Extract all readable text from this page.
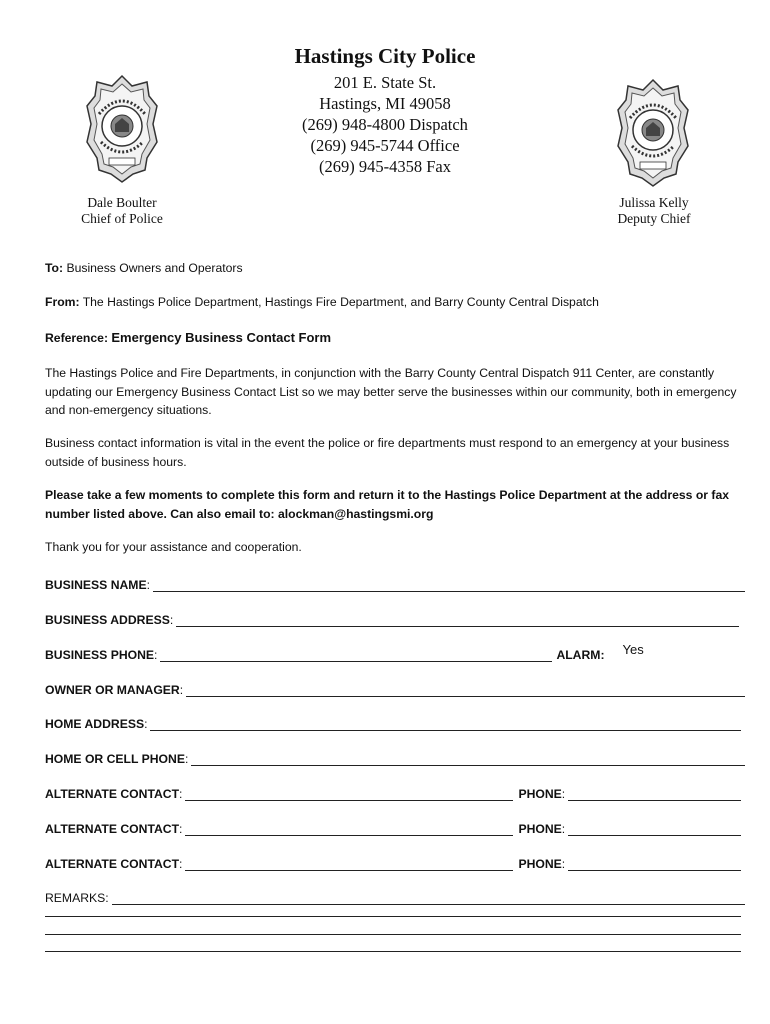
Hastings City Police
201 E. State St.
Hastings, MI 49058
(269) 948-4800 Dispatch
(269) 945-5744 Office
(269) 945-4358 Fax
Dale Boulter
Chief of Police
Julissa Kelly
Deputy Chief
To: Business Owners and Operators
From: The Hastings Police Department, Hastings Fire Department, and Barry County Central Dispatch
Reference: Emergency Business Contact Form
The Hastings Police and Fire Departments, in conjunction with the Barry County Central Dispatch 911 Center, are constantly updating our Emergency Business Contact List so we may better serve the businesses within our community, both in emergency and non-emergency situations.
Business contact information is vital in the event the police or fire departments must respond to an emergency at your business outside of business hours.
Please take a few moments to complete this form and return it to the Hastings Police Department at the address or fax number listed above. Can also email to: alockman@hastingsmi.org
Thank you for your assistance and cooperation.
BUSINESS NAME :
BUSINESS ADDRESS :
BUSINESS PHONE :	ALARM: Yes
OWNER OR MANAGER :
HOME ADDRESS :
HOME OR CELL PHONE :
ALTERNATE CONTACT :	PHONE :
ALTERNATE CONTACT :	PHONE :
ALTERNATE CONTACT :	PHONE :
REMARKS:
